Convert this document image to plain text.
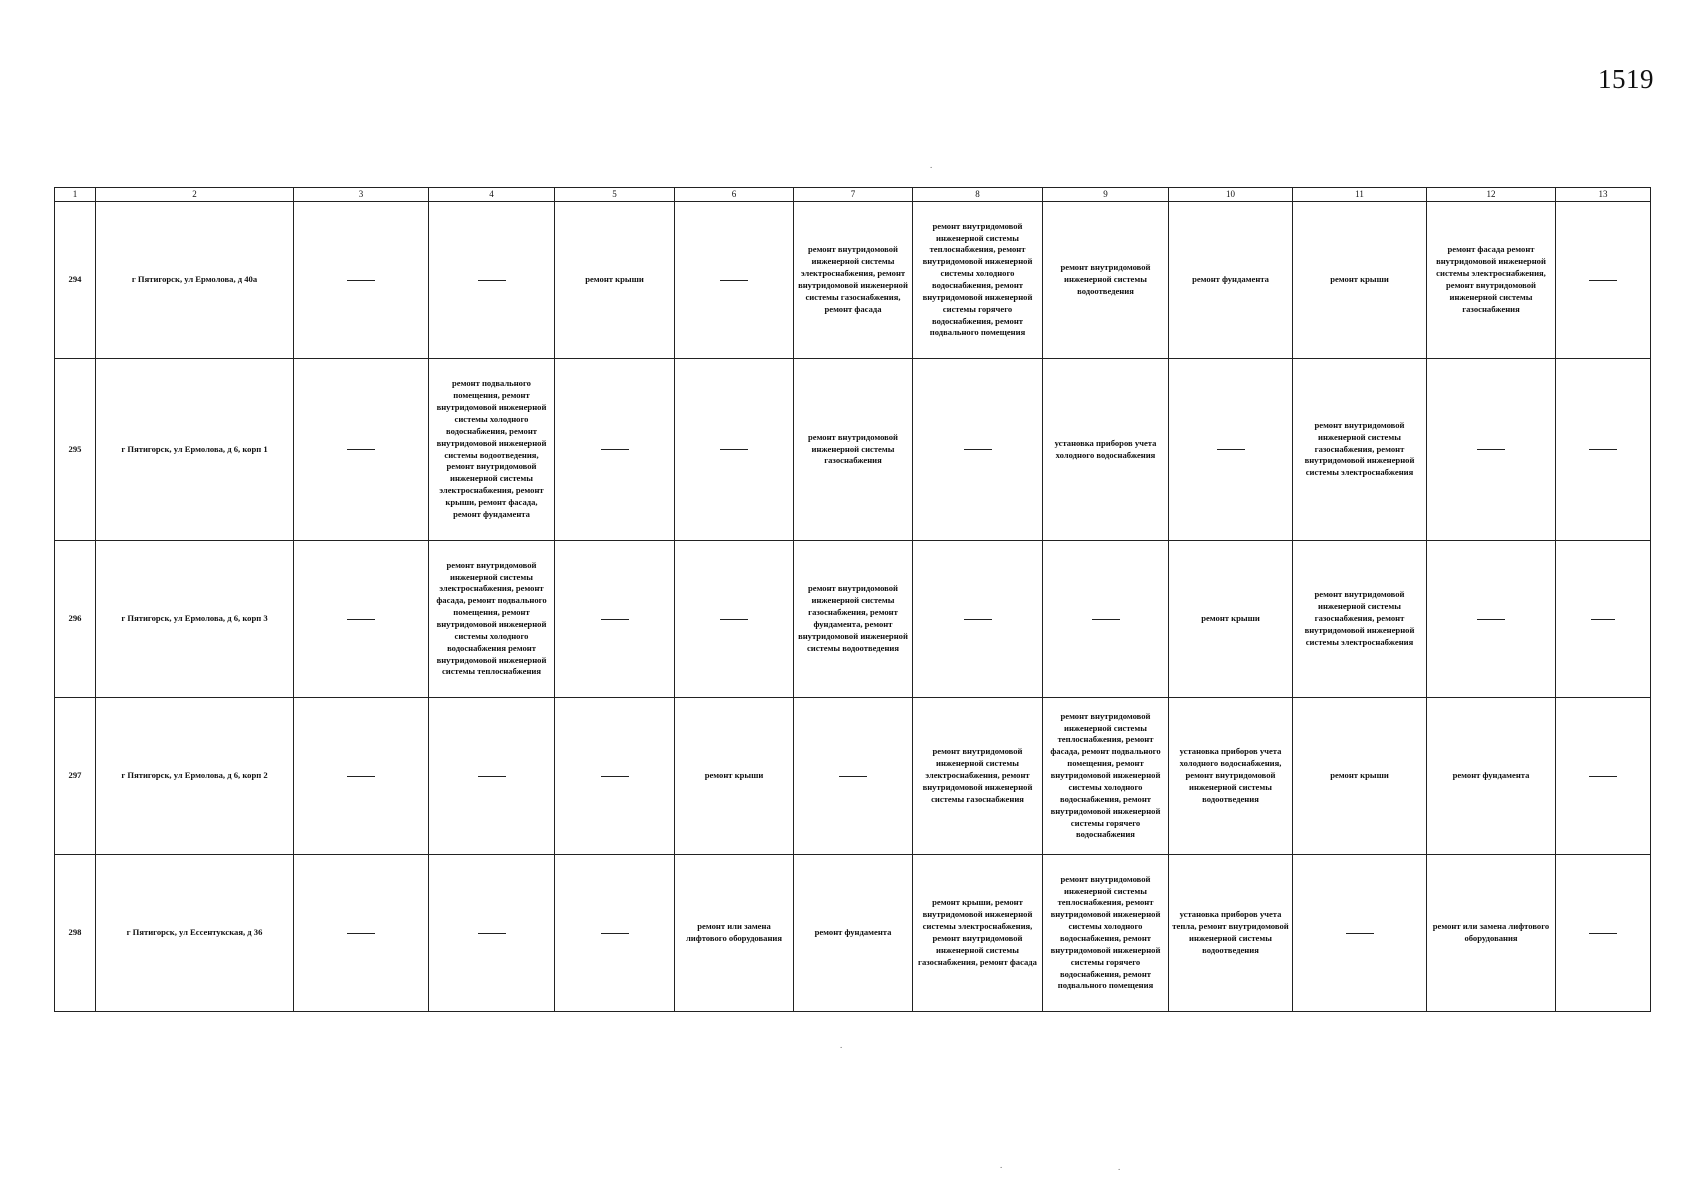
1519
.
.
.	.
1	2	3	4	5	6	7	8	9	10	11	12	13
294	г Пятигорск, ул Ермолова, д 40а			ремонт крыши		ремонт внутридомовой инженерной системы электроснабжения, ремонт внутридомовой инженерной системы газоснабжения, ремонт фасада	ремонт внутридомовой инженерной системы теплоснабжения, ремонт внутридомовой инженерной системы холодного водоснабжения, ремонт внутридомовой инженерной системы горячего водоснабжения, ремонт подвального помещения	ремонт внутридомовой инженерной системы водоотведения	ремонт фундамента	ремонт крыши	ремонт фасада ремонт внутридомовой инженерной системы электроснабжения, ремонт внутридомовой инженерной системы газоснабжения	
295	г Пятигорск, ул Ермолова, д 6, корп 1		ремонт подвального помещения, ремонт внутридомовой инженерной системы холодного водоснабжения, ремонт внутридомовой инженерной системы водоотведения, ремонт внутридомовой инженерной системы электроснабжения, ремонт крыши, ремонт фасада, ремонт фундамента			ремонт внутридомовой инженерной системы газоснабжения		установка приборов учета холодного водоснабжения		ремонт внутридомовой инженерной системы газоснабжения, ремонт внутридомовой инженерной системы электроснабжения		
296	г Пятигорск, ул Ермолова, д 6, корп 3		ремонт внутридомовой инженерной системы электроснабжения, ремонт фасада, ремонт подвального помещения, ремонт внутридомовой инженерной системы холодного водоснабжения ремонт внутридомовой инженерной системы теплоснабжения			ремонт внутридомовой инженерной системы газоснабжения, ремонт фундамента, ремонт внутридомовой инженерной системы водоотведения			ремонт крыши	ремонт внутридомовой инженерной системы газоснабжения, ремонт внутридомовой инженерной системы электроснабжения		
297	г Пятигорск, ул Ермолова, д 6, корп 2				ремонт крыши		ремонт внутридомовой инженерной системы электроснабжения, ремонт внутридомовой инженерной системы газоснабжения	ремонт внутридомовой инженерной системы теплоснабжения, ремонт фасада, ремонт подвального помещения, ремонт внутридомовой инженерной системы холодного водоснабжения, ремонт внутридомовой инженерной системы горячего водоснабжения	установка приборов учета холодного водоснабжения, ремонт внутридомовой инженерной системы водоотведения	ремонт крыши	ремонт фундамента	
298	г Пятигорск, ул Ессентукская, д 36				ремонт или замена лифтового оборудования	ремонт фундамента	ремонт крыши, ремонт внутридомовой инженерной системы электроснабжения, ремонт внутридомовой инженерной системы газоснабжения, ремонт фасада	ремонт внутридомовой инженерной системы теплоснабжения, ремонт внутридомовой инженерной системы холодного водоснабжения, ремонт внутридомовой инженерной системы горячего водоснабжения, ремонт подвального помещения	установка приборов учета тепла, ремонт внутридомовой инженерной системы водоотведения		ремонт или замена лифтового оборудования	
